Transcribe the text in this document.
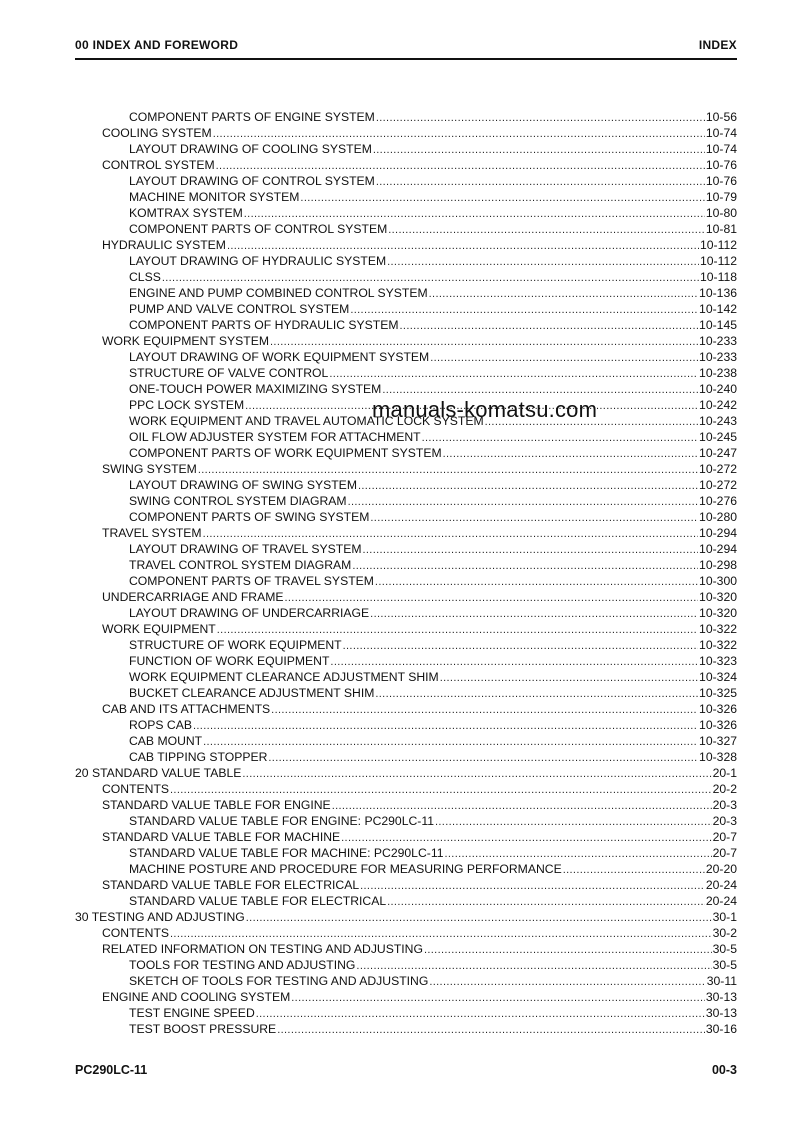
00 INDEX AND FOREWORD	INDEX
COMPONENT PARTS OF ENGINE SYSTEM .....	10-56
COOLING SYSTEM .....	10-74
LAYOUT DRAWING OF COOLING SYSTEM .....	10-74
CONTROL SYSTEM .....	10-76
LAYOUT DRAWING OF CONTROL SYSTEM .....	10-76
MACHINE MONITOR SYSTEM .....	10-79
KOMTRAX SYSTEM .....	10-80
COMPONENT PARTS OF CONTROL SYSTEM .....	10-81
HYDRAULIC SYSTEM .....	10-112
LAYOUT DRAWING OF HYDRAULIC SYSTEM .....	10-112
CLSS .....	10-118
ENGINE AND PUMP COMBINED CONTROL SYSTEM .....	10-136
PUMP AND VALVE CONTROL SYSTEM .....	10-142
COMPONENT PARTS OF HYDRAULIC SYSTEM .....	10-145
WORK EQUIPMENT SYSTEM .....	10-233
LAYOUT DRAWING OF WORK EQUIPMENT SYSTEM .....	10-233
STRUCTURE OF VALVE CONTROL .....	10-238
ONE-TOUCH POWER MAXIMIZING SYSTEM .....	10-240
PPC LOCK SYSTEM .....	10-242
WORK EQUIPMENT AND TRAVEL AUTOMATIC LOCK SYSTEM .....	10-243
OIL FLOW ADJUSTER SYSTEM FOR ATTACHMENT .....	10-245
COMPONENT PARTS OF WORK EQUIPMENT SYSTEM .....	10-247
SWING SYSTEM .....	10-272
LAYOUT DRAWING OF SWING SYSTEM .....	10-272
SWING CONTROL SYSTEM DIAGRAM .....	10-276
COMPONENT PARTS OF SWING SYSTEM .....	10-280
TRAVEL SYSTEM .....	10-294
LAYOUT DRAWING OF TRAVEL SYSTEM .....	10-294
TRAVEL CONTROL SYSTEM DIAGRAM .....	10-298
COMPONENT PARTS OF TRAVEL SYSTEM .....	10-300
UNDERCARRIAGE AND FRAME .....	10-320
LAYOUT DRAWING OF UNDERCARRIAGE .....	10-320
WORK EQUIPMENT .....	10-322
STRUCTURE OF WORK EQUIPMENT .....	10-322
FUNCTION OF WORK EQUIPMENT .....	10-323
WORK EQUIPMENT CLEARANCE ADJUSTMENT SHIM .....	10-324
BUCKET CLEARANCE ADJUSTMENT SHIM .....	10-325
CAB AND ITS ATTACHMENTS .....	10-326
ROPS CAB .....	10-326
CAB MOUNT .....	10-327
CAB TIPPING STOPPER .....	10-328
20 STANDARD VALUE TABLE .....	20-1
CONTENTS .....	20-2
STANDARD VALUE TABLE FOR ENGINE .....	20-3
STANDARD VALUE TABLE FOR ENGINE: PC290LC-11 .....	20-3
STANDARD VALUE TABLE FOR MACHINE .....	20-7
STANDARD VALUE TABLE FOR MACHINE: PC290LC-11 .....	20-7
MACHINE POSTURE AND PROCEDURE FOR MEASURING PERFORMANCE .....	20-20
STANDARD VALUE TABLE FOR ELECTRICAL .....	20-24
STANDARD VALUE TABLE FOR ELECTRICAL .....	20-24
30 TESTING AND ADJUSTING .....	30-1
CONTENTS .....	30-2
RELATED INFORMATION ON TESTING AND ADJUSTING .....	30-5
TOOLS FOR TESTING AND ADJUSTING .....	30-5
SKETCH OF TOOLS FOR TESTING AND ADJUSTING .....	30-11
ENGINE AND COOLING SYSTEM .....	30-13
TEST ENGINE SPEED .....	30-13
TEST BOOST PRESSURE .....	30-16
manuals-komatsu.com
PC290LC-11	00-3
